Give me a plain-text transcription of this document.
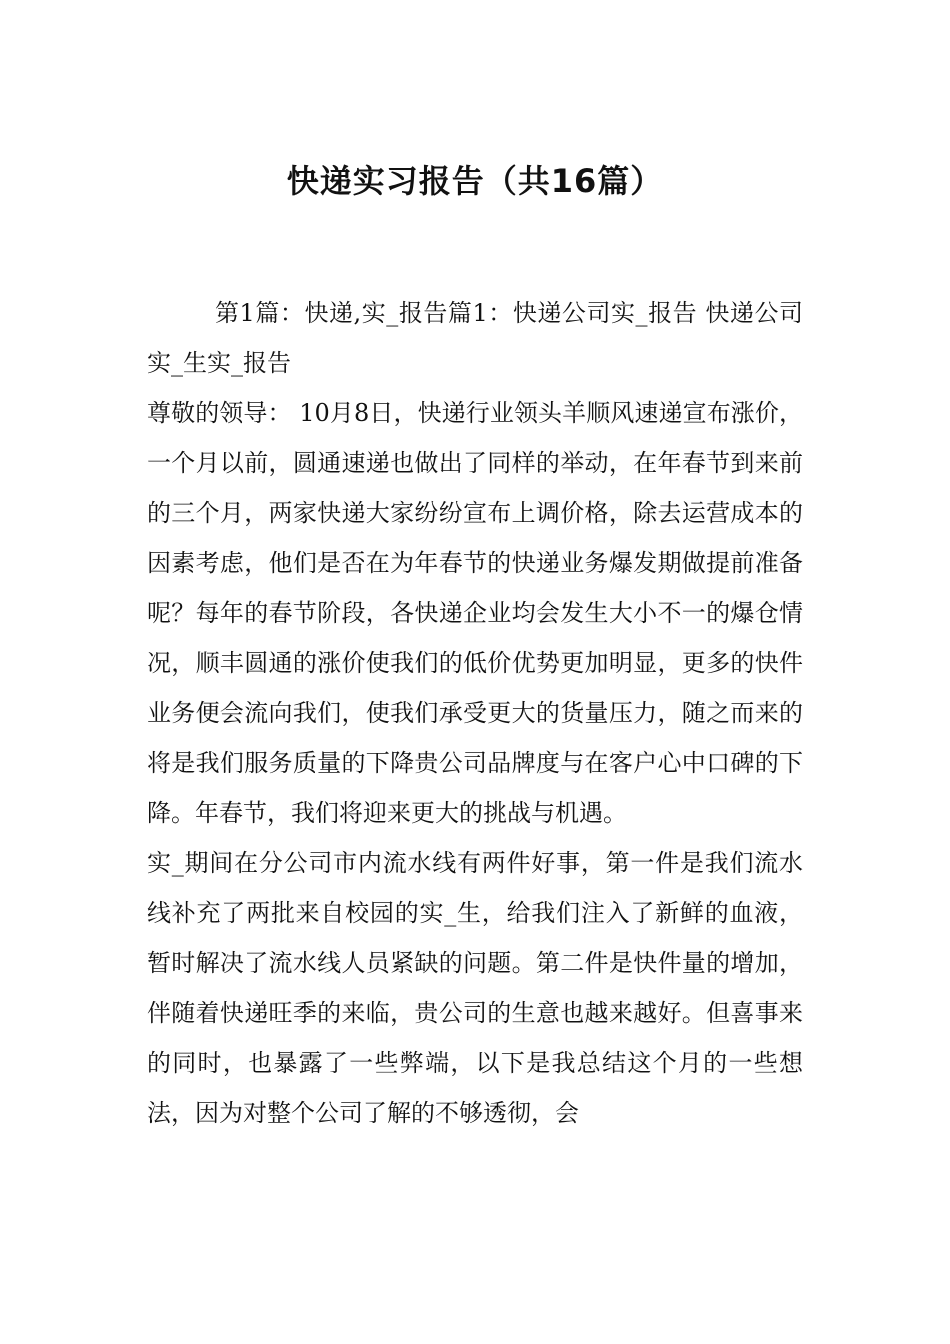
快递实习报告（共16篇）

第1篇：快递,实_报告篇1：快递公司实_报告 快递公司实_生实_报告

尊敬的领导： 10月8日，快递行业领头羊顺风速递宣布涨价，一个月以前，圆通速递也做出了同样的举动，在年春节到来前的三个月，两家快递大家纷纷宣布上调价格，除去运营成本的因素考虑，他们是否在为年春节的快递业务爆发期做提前准备呢？每年的春节阶段，各快递企业均会发生大小不一的爆仓情况，顺丰圆通的涨价使我们的低价优势更加明显，更多的快件业务便会流向我们，使我们承受更大的货量压力，随之而来的将是我们服务质量的下降贵公司品牌度与在客户心中口碑的下降。年春节，我们将迎来更大的挑战与机遇。

实_期间在分公司市内流水线有两件好事，第一件是我们流水线补充了两批来自校园的实_生，给我们注入了新鲜的血液，暂时解决了流水线人员紧缺的问题。第二件是快件量的增加，伴随着快递旺季的来临，贵公司的生意也越来越好。但喜事来的同时，也暴露了一些弊端，以下是我总结这个月的一些想法，因为对整个公司了解的不够透彻，会
